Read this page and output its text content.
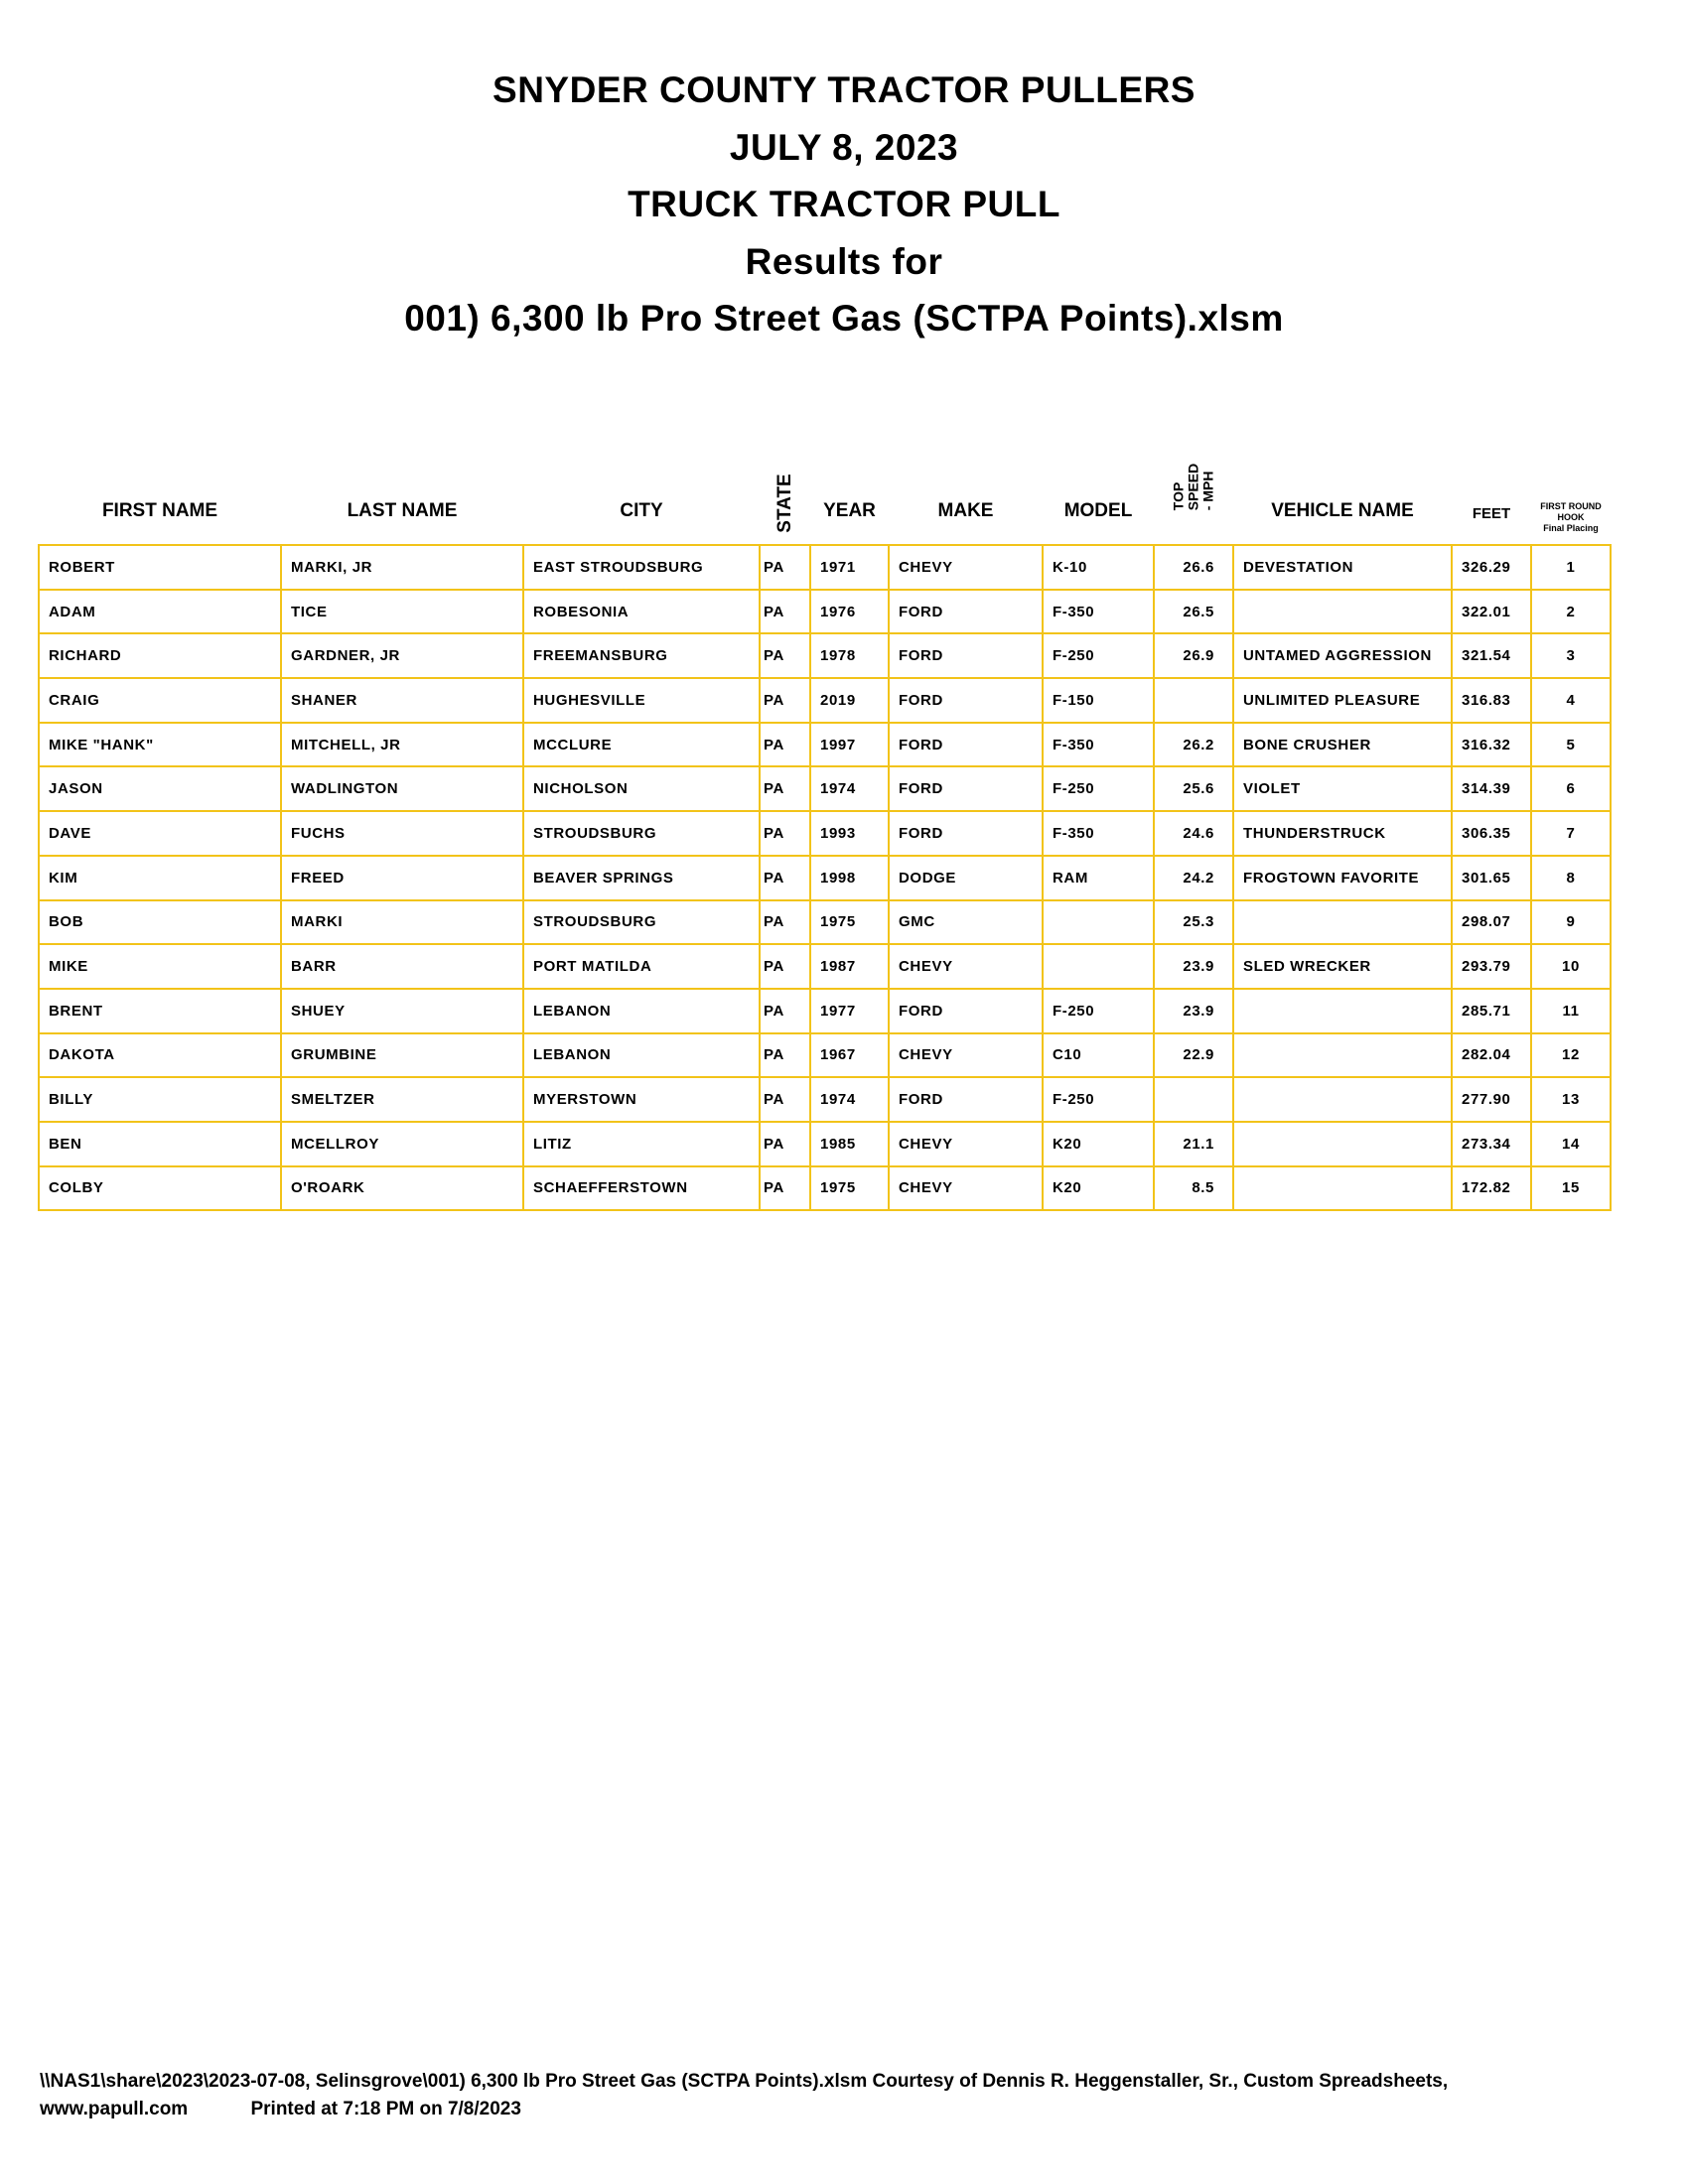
SNYDER COUNTY TRACTOR PULLERS
JULY 8, 2023
TRUCK TRACTOR PULL
Results for
001) 6,300 lb Pro Street Gas (SCTPA Points).xlsm
FIRST NAME	LAST NAME	CITY	STATE	YEAR	MAKE	MODEL	TOP
SPEED
- MPH	VEHICLE NAME	FEET	FIRST ROUND
HOOK
Final Placing
ROBERT	MARKI, JR	EAST STROUDSBURG	PA	1971	CHEVY	K-10	26.6	DEVESTATION	326.29	1
ADAM	TICE	ROBESONIA	PA	1976	FORD	F-350	26.5		322.01	2
RICHARD	GARDNER, JR	FREEMANSBURG	PA	1978	FORD	F-250	26.9	UNTAMED AGGRESSION	321.54	3
CRAIG	SHANER	HUGHESVILLE	PA	2019	FORD	F-150		UNLIMITED PLEASURE	316.83	4
MIKE "HANK"	MITCHELL, JR	MCCLURE	PA	1997	FORD	F-350	26.2	BONE CRUSHER	316.32	5
JASON	WADLINGTON	NICHOLSON	PA	1974	FORD	F-250	25.6	VIOLET	314.39	6
DAVE	FUCHS	STROUDSBURG	PA	1993	FORD	F-350	24.6	THUNDERSTRUCK	306.35	7
KIM	FREED	BEAVER SPRINGS	PA	1998	DODGE	RAM	24.2	FROGTOWN FAVORITE	301.65	8
BOB	MARKI	STROUDSBURG	PA	1975	GMC		25.3		298.07	9
MIKE	BARR	PORT MATILDA	PA	1987	CHEVY		23.9	SLED WRECKER	293.79	10
BRENT	SHUEY	LEBANON	PA	1977	FORD	F-250	23.9		285.71	11
DAKOTA	GRUMBINE	LEBANON	PA	1967	CHEVY	C10	22.9		282.04	12
BILLY	SMELTZER	MYERSTOWN	PA	1974	FORD	F-250			277.90	13
BEN	MCELLROY	LITIZ	PA	1985	CHEVY	K20	21.1		273.34	14
COLBY	O'ROARK	SCHAEFFERSTOWN	PA	1975	CHEVY	K20	8.5		172.82	15
\\NAS1\share\2023\2023-07-08, Selinsgrove\001) 6,300 lb Pro Street Gas (SCTPA Points).xlsm Courtesy of Dennis R. Heggenstaller, Sr., Custom Spreadsheets,
www.papull.com	Printed at 7:18 PM on 7/8/2023
